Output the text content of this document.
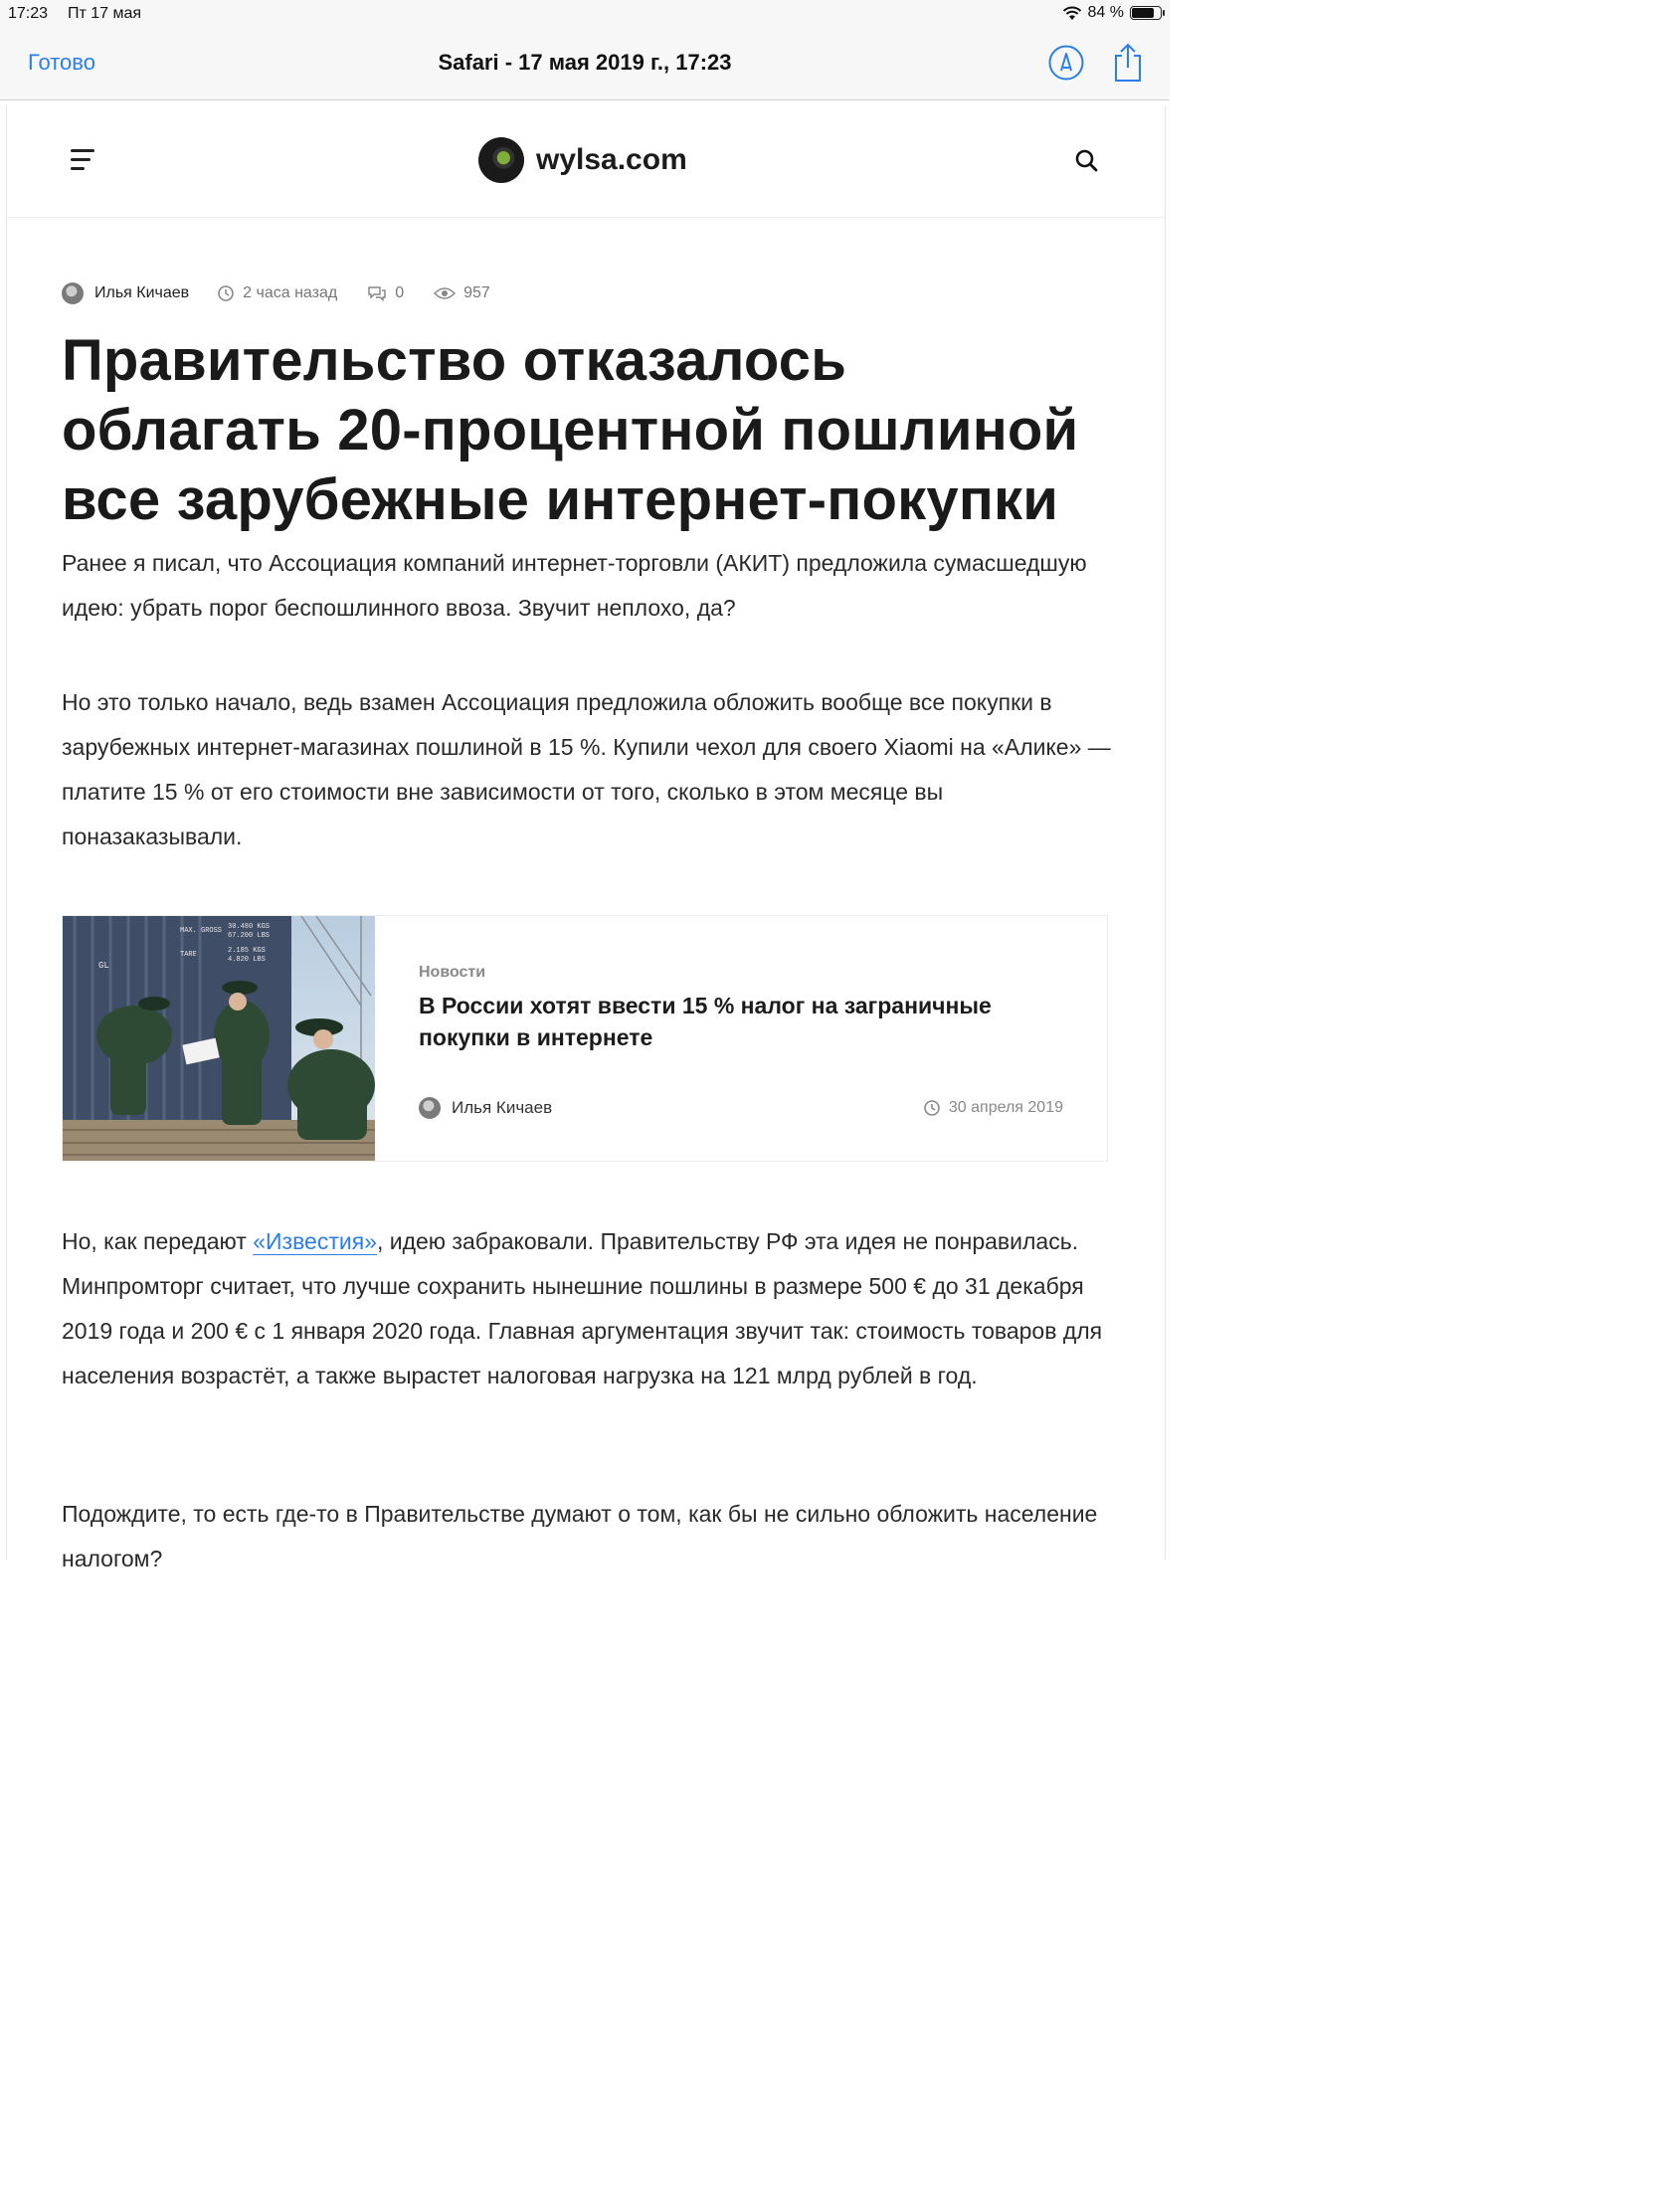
17:23 Пт 17 мая	84 %
Готово	Safari - 17 мая 2019 г., 17:23
wylsa.com
Илья Кичаев	2 часа назад	0	957
Правительство отказалось облагать 20-процентной пошлиной все зарубежные интернет-покупки

Ранее я писал, что Ассоциация компаний интернет-торговли (АКИТ) предложила сумасшедшую идею: убрать порог беспошлинного ввоза. Звучит неплохо, да?

Но это только начало, ведь взамен Ассоциация предложила обложить вообще все покупки в зарубежных интернет-магазинах пошлиной в 15 %. Купили чехол для своего Xiaomi на «Алике» — платите 15 % от его стоимости вне зависимости от того, сколько в этом месяце вы поназаказывали.

MAX. GROSS 30.480 KGS
67.200 LBS
TARE	2.185 KGS
4.820 LBS
GL	Новости
В России хотят ввести 15 % налог на заграничные покупки в интернете
Илья Кичаев	30 апреля 2019

Но, как передают «Известия», идею забраковали. Правительству РФ эта идея не понравилась. Минпромторг считает, что лучше сохранить нынешние пошлины в размере 500 € до 31 декабря 2019 года и 200 € с 1 января 2020 года. Главная аргументация звучит так: стоимость товаров для населения возрастёт, а также вырастет налоговая нагрузка на 121 млрд рублей в год.

Подождите, то есть где-то в Правительстве думают о том, как бы не сильно обложить население налогом?
